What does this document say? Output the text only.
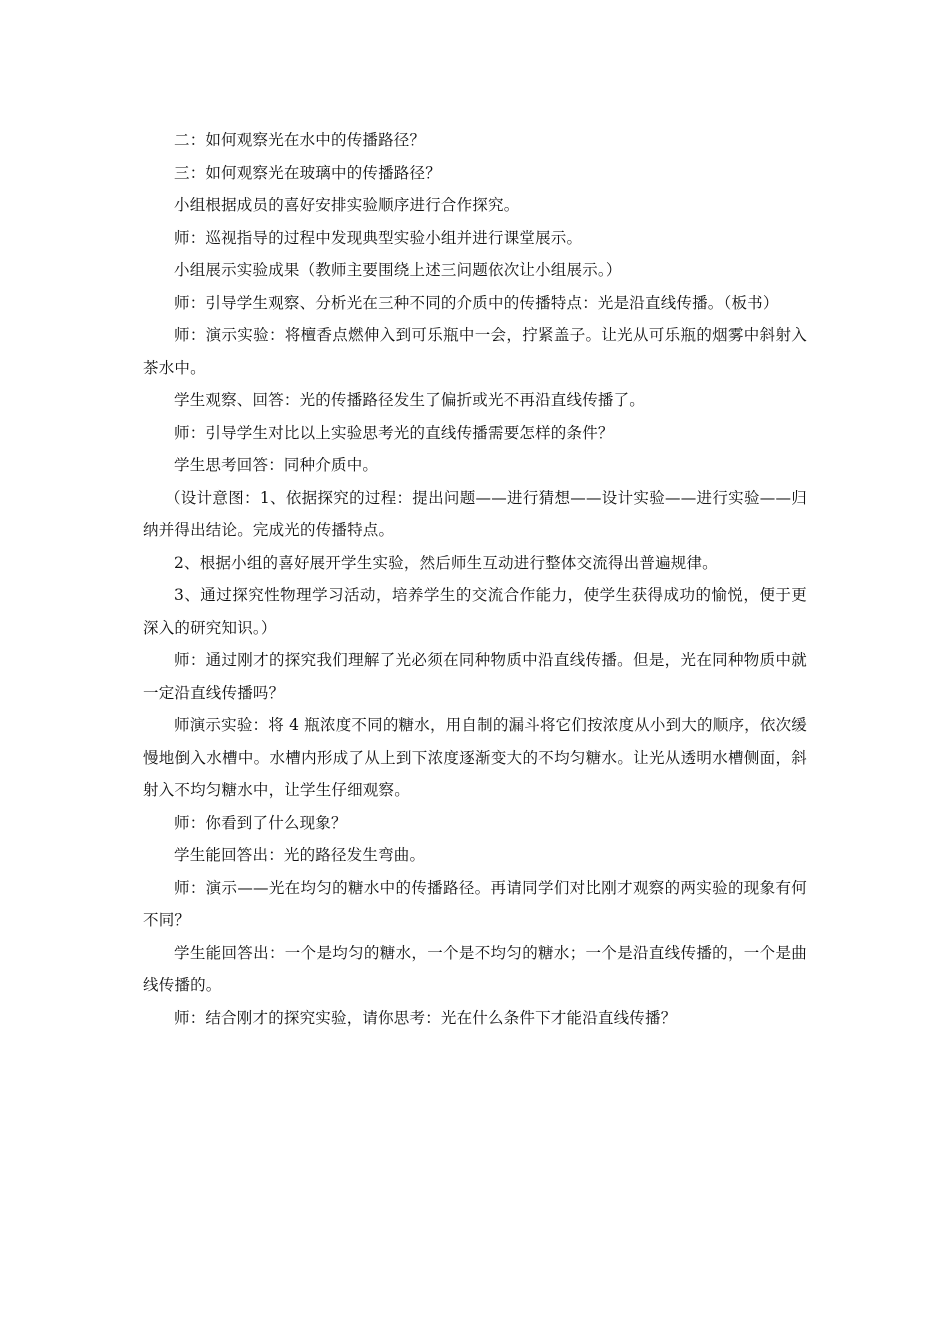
二：如何观察光在水中的传播路径？

三：如何观察光在玻璃中的传播路径？

小组根据成员的喜好安排实验顺序进行合作探究。

师：巡视指导的过程中发现典型实验小组并进行课堂展示。

小组展示实验成果（教师主要围绕上述三问题依次让小组展示。）

师：引导学生观察、分析光在三种不同的介质中的传播特点：光是沿直线传播。（板书）

师：演示实验：将檀香点燃伸入到可乐瓶中一会，拧紧盖子。让光从可乐瓶的烟雾中斜射入茶水中。

学生观察、回答：光的传播路径发生了偏折或光不再沿直线传播了。

师：引导学生对比以上实验思考光的直线传播需要怎样的条件？

学生思考回答：同种介质中。

（设计意图：1、依据探究的过程：提出问题——进行猜想——设计实验——进行实验——归纳并得出结论。完成光的传播特点。

2、根据小组的喜好展开学生实验，然后师生互动进行整体交流得出普遍规律。

3、通过探究性物理学习活动，培养学生的交流合作能力，使学生获得成功的愉悦，便于更深入的研究知识。）

师：通过刚才的探究我们理解了光必须在同种物质中沿直线传播。但是，光在同种物质中就一定沿直线传播吗？

师演示实验：将 4 瓶浓度不同的糖水，用自制的漏斗将它们按浓度从小到大的顺序，依次缓慢地倒入水槽中。水槽内形成了从上到下浓度逐渐变大的不均匀糖水。让光从透明水槽侧面，斜射入不均匀糖水中，让学生仔细观察。

师：你看到了什么现象？

学生能回答出：光的路径发生弯曲。

师：演示——光在均匀的糖水中的传播路径。再请同学们对比刚才观察的两实验的现象有何不同？

学生能回答出：一个是均匀的糖水，一个是不均匀的糖水；一个是沿直线传播的，一个是曲线传播的。

师：结合刚才的探究实验，请你思考：光在什么条件下才能沿直线传播？
